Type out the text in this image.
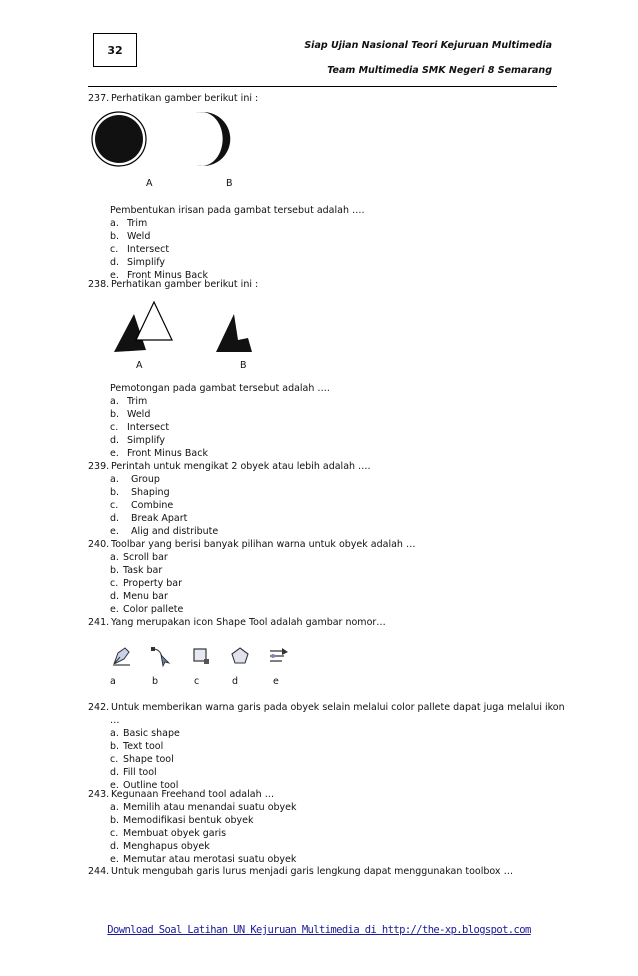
32	Siap Ujian Nasional Teori Kejuruan Multimedia
Team Multimedia SMK Negeri 8 Semarang
237. Perhatikan gamber berikut ini :
A	B
Pembentukan irisan pada gambat tersebut adalah ….
a. Trim
b. Weld
c. Intersect
d. Simplify
e. Front Minus Back
238. Perhatikan gamber berikut ini :
A	B
Pemotongan pada gambat tersebut adalah ….
a. Trim
b. Weld
c. Intersect
d. Simplify
e. Front Minus Back
239. Perintah untuk mengikat 2 obyek atau lebih adalah ….
a. Group
b. Shaping
c. Combine
d. Break Apart
e. Alig and distribute
240. Toolbar yang berisi banyak pilihan warna untuk obyek adalah …
a. Scroll bar
b. Task bar
c. Property bar
d. Menu bar
e. Color pallete
241. Yang merupakan icon Shape Tool adalah gambar nomor…
a	b	c	d	e
242. Untuk memberikan warna garis pada obyek selain melalui color pallete dapat juga melalui ikon
…
a. Basic shape
b. Text tool
c. Shape tool
d. Fill tool
e. Outline tool
243. Kegunaan Freehand tool adalah …
a. Memilih atau menandai suatu obyek
b. Memodifikasi bentuk obyek
c. Membuat obyek garis
d. Menghapus obyek
e. Memutar atau merotasi suatu obyek
244. Untuk mengubah garis lurus menjadi garis lengkung dapat menggunakan toolbox …
Download Soal Latihan UN Kejuruan Multimedia di http://the-xp.blogspot.com
